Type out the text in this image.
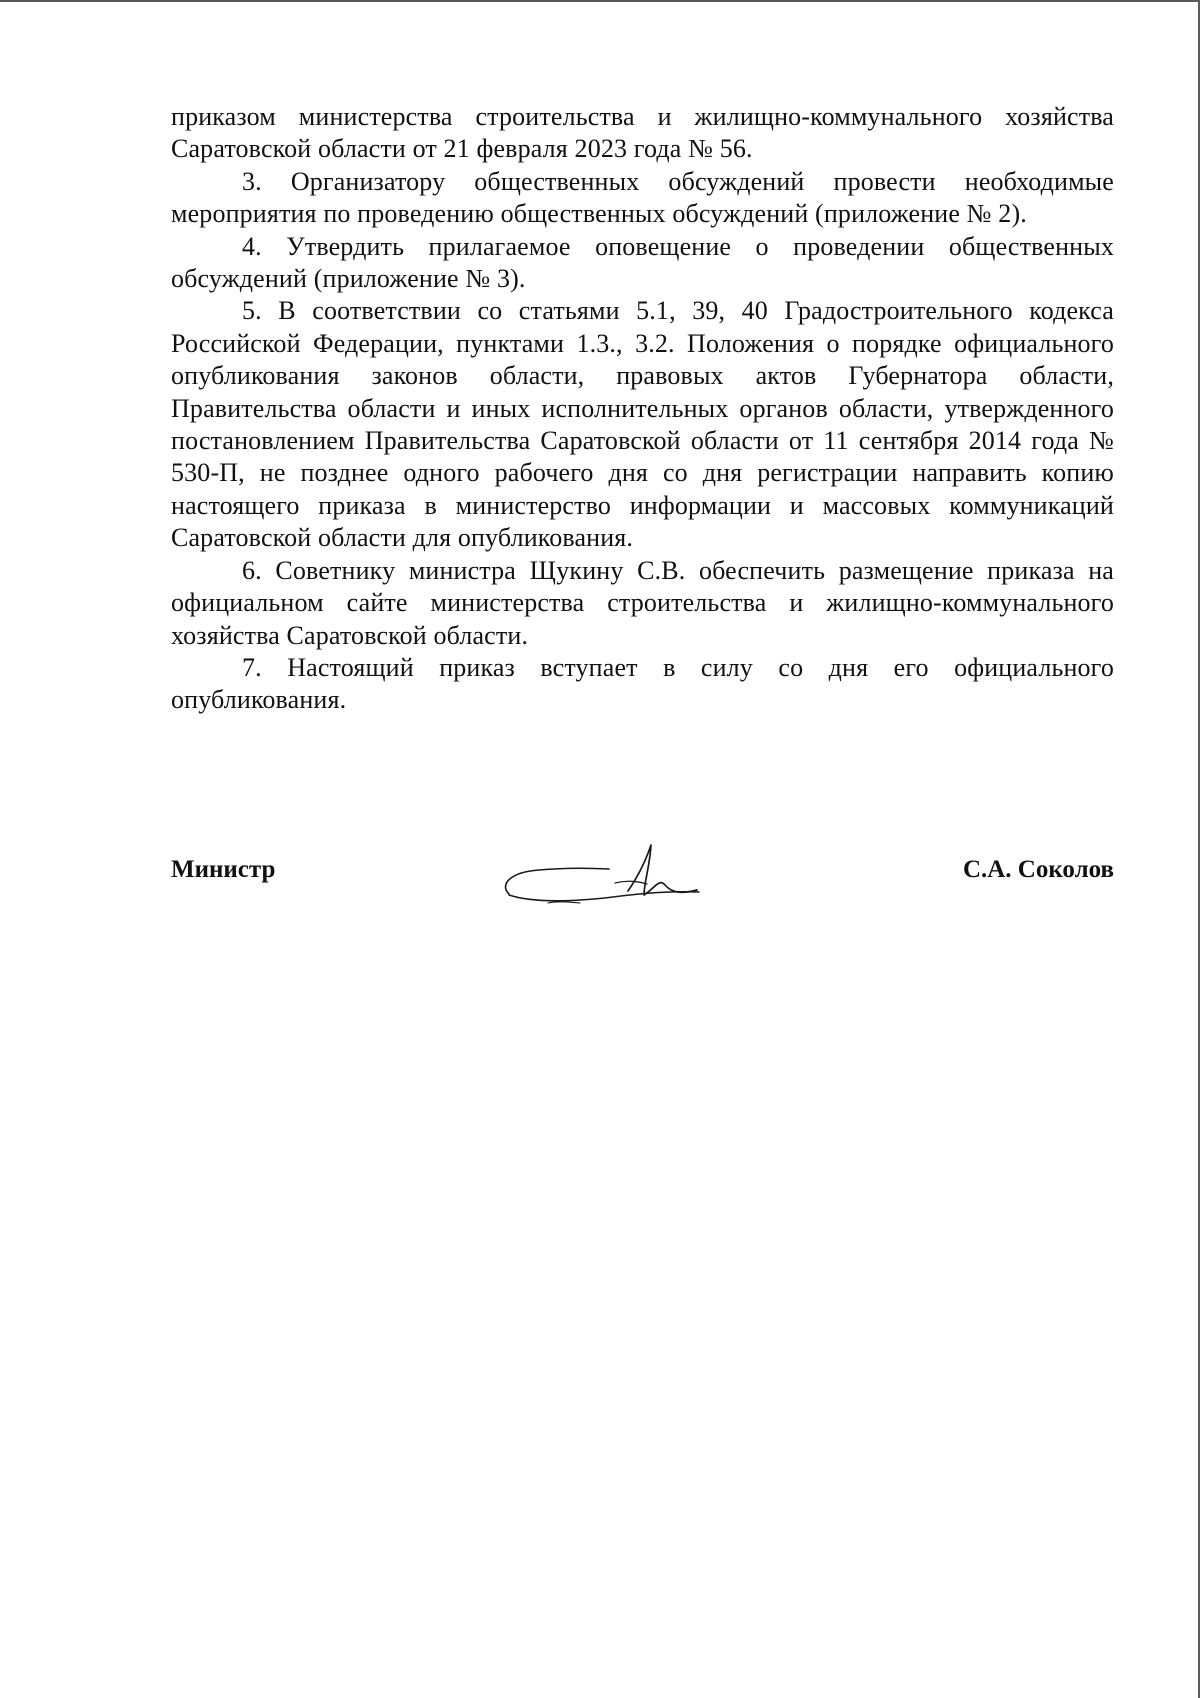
приказом министерства строительства и жилищно-коммунального хозяйства Саратовской области от 21 февраля 2023 года № 56.

3. Организатору общественных обсуждений провести необходимые мероприятия по проведению общественных обсуждений (приложение № 2).

4. Утвердить прилагаемое оповещение о проведении общественных обсуждений (приложение № 3).

5. В соответствии со статьями 5.1, 39, 40 Градостроительного кодекса Российской Федерации, пунктами 1.3., 3.2. Положения о порядке официального опубликования законов области, правовых актов Губернатора области, Правительства области и иных исполнительных органов области, утвержденного постановлением Правительства Саратовской области от 11 сентября 2014 года № 530-П, не позднее одного рабочего дня со дня регистрации направить копию настоящего приказа в министерство информации и массовых коммуникаций Саратовской области для опубликования.

6. Советнику министра Щукину С.В. обеспечить размещение приказа на официальном сайте министерства строительства и жилищно-коммунального хозяйства Саратовской области.

7. Настоящий приказ вступает в силу со дня его официального опубликования.

Министр	С.А. Соколов
